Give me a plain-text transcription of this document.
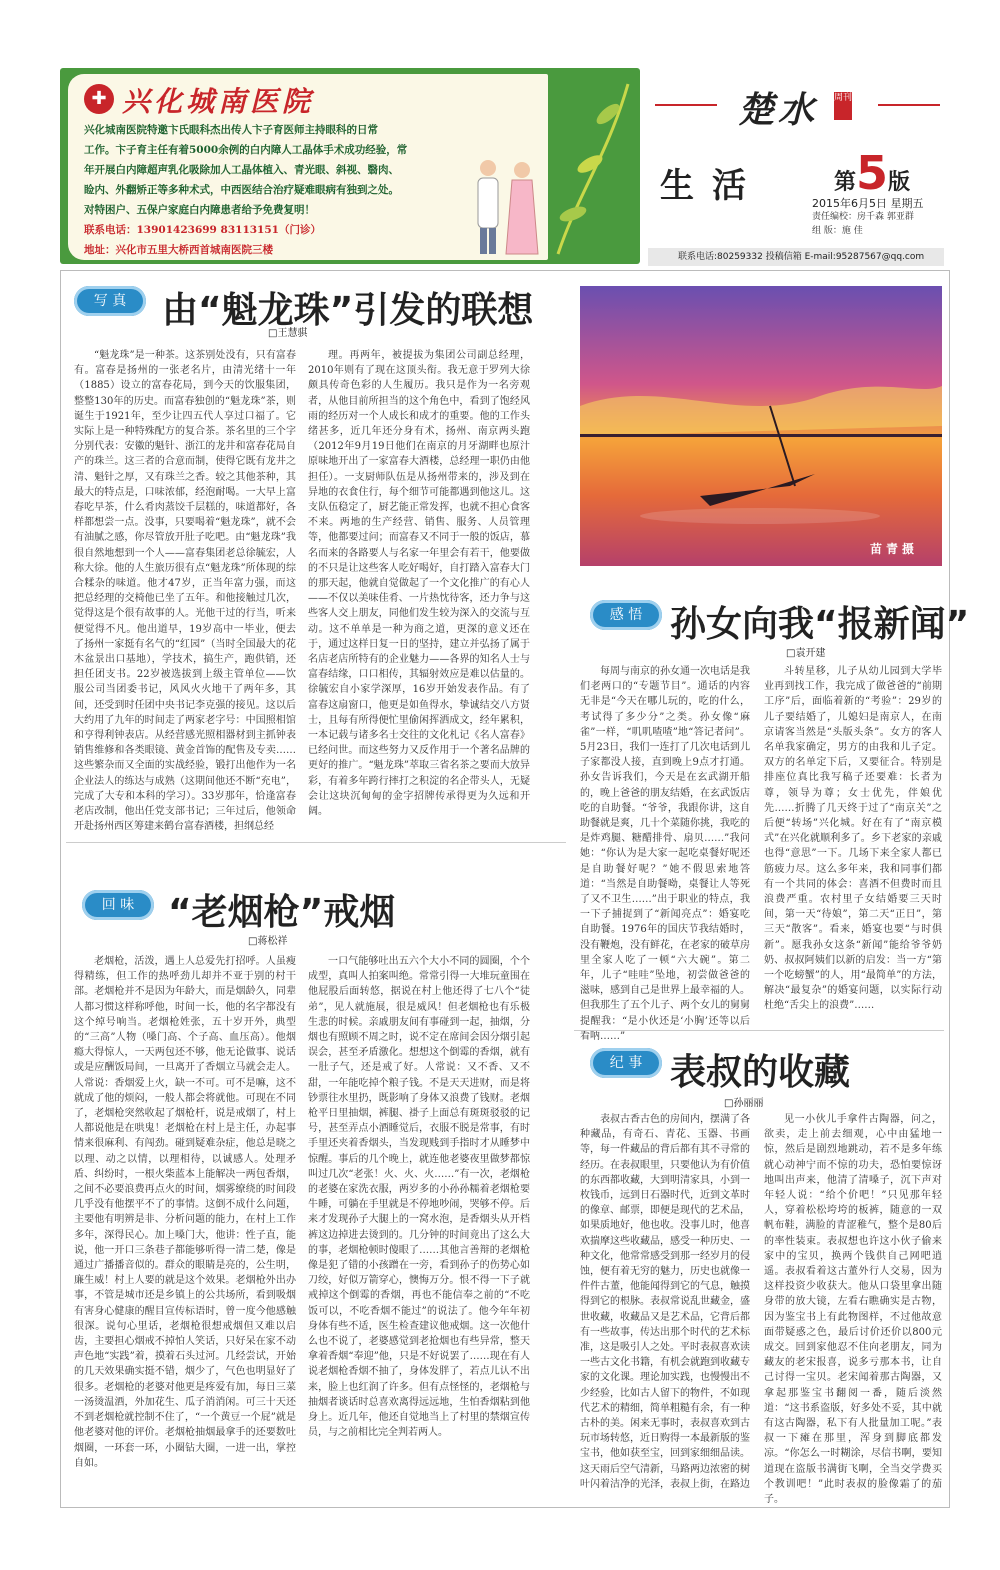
✚ 兴化城南医院
兴化城南医院特邀卞氏眼科杰出传人卞子育医师主持眼科的日常
工作。卞子育主任有着5000余例的白内障人工晶体手术成功经验，常
年开展白内障超声乳化吸除加人工晶体植入、青光眼、斜视、翳肉、
睑内、外翻矫正等多种术式，中西医结合治疗疑难眼病有独到之处。
对特困户、五保户家庭白内障患者给予免费复明！
联系电话：13901423699 83113151（门诊）
地址：兴化市五里大桥西首城南医院三楼
楚水 周刊
生活	第5版
2015年6月5日 星期五
责任编校：房千森 郭亚群
组 版：施 佳
联系电话:80259332 投稿信箱 E-mail:95287567@qq.com
写 真 由“魁龙珠”引发的联想
□王慧骐
“魁龙珠”是一种茶。这茶别处没有，只有富春有。富春是扬州的一张老名片，由清光绪十一年（1885）设立的富春花局，到今天的饮服集团，整整130年的历史。而富春独创的“魁龙珠”茶，则诞生于1921年，至少让四五代人享过口福了。它实际上是一种特殊配方的复合茶。茶名里的三个字分别代表：安徽的魁针、浙江的龙井和富春花局自产的珠兰。这三者的合意而制，使得它既有龙井之清、魁针之厚，又有珠兰之香。较之其他茶种，其最大的特点是，口味浓郁，经泡耐喝。一大早上富春吃早茶，什么肴肉蒸饺千层糕的，味道都好，各样都想尝一点。没事，只要喝着“魁龙珠”，就不会有油腻之感，你尽管放开肚子吃吧。由“魁龙珠”我很自然地想到一个人——富春集团老总徐毓宏，人称大徐。他的人生旅历很有点“魁龙珠”所体现的综合糅杂的味道。他才47岁，正当年富力强，而这把总经理的交椅他已坐了五年。和他接触过几次，觉得这是个很有故事的人。光他干过的行当，听来便觉得不凡。他出道早，19岁高中一毕业，便去了扬州一家挺有名气的“红园”（当时全国最大的花木盆景出口基地），学技术，搞生产，跑供销，还担任团支书。22岁被选拔到上级主管单位——饮服公司当团委书记，风风火火地干了两年多，其间，还受到时任团中央书记李克强的接见。这以后大约用了九年的时间走了两家老字号：中国照相馆和亨得利钟表店。从经营感光照相器材到主抓钟表销售维修和各类眼镜、黄金首饰的配售及专卖……这些繁杂而又全面的实战经验，锻打出他作为一名企业法人的练达与成熟（这期间他还不断“充电”，完成了大专和本科的学习）。33岁那年，恰逢富春老店改制，他出任党支部书记；三年过后，他领命开赴扬州西区筹建来鹤台富春酒楼，担纲总经
理。再两年，被提拔为集团公司副总经理，2010年则有了现在这顶头衔。我无意于罗列大徐颇具传奇色彩的人生履历。我只是作为一名旁观者，从他目前所担当的这个角色中，看到了饱经风雨的经历对一个人成长和成才的重要。他的工作头绪甚多，近几年还分身有术，扬州、南京两头跑（2012年9月19日他们在南京的月牙湖畔也原汁原味地开出了一家富春大酒楼，总经理一职仍由他担任）。一支厨师队伍是从扬州带来的，涉及到在异地的衣食住行，每个细节可能都遇到他这儿。这支队伍稳定了，厨艺能正常发挥，也就不担心食客不来。两地的生产经营、销售、服务、人员管理等，他都要过问；而富春又不同于一般的饭店，慕名而来的各路要人与名家一年里会有若干，他要做的不只是让这些客人吃好喝好，自打踏入富春大门的那天起，他就自觉做起了一个文化推广的有心人——不仅以美味佳肴、一片热忱待客，还力争与这些客人交上朋友，同他们发生较为深入的交流与互动。这不单单是一种为商之道，更深的意义还在于，通过这样日复一日的坚持，建立并弘扬了属于名店老店所特有的企业魅力——各界的知名人士与富春结缘，口口相传，其辐射效应是难以估量的。徐毓宏自小家学深厚，16岁开始发表作品。有了富春这扇窗口，他更是如鱼得水，挚诚结交八方贤士，且每有所得便忙里偷闲挥洒成文，经年累积，一本记载与诸多名士交往的文化札记《名人富春》已经问世。而这些努力又反作用于一个著名品牌的更好的推广。“魁龙珠”萃取三省名茶之要而大放异彩，有着多年跨行摔打之积淀的名企带头人，无疑会让这块沉甸甸的金字招牌传承得更为久远和开阔。
回 味 “老烟枪”戒烟
□蒋松祥
老烟枪，活泼，遇上人总爱先打招呼。人虽瘦得精练，但工作的热呼劲儿却并不亚于别的村干部。老烟枪并不是因为年龄大，而是烟龄久，同辈人都习惯这样称呼他，时间一长，他的名字都没有这个绰号响当。老烟枪姓张，五十岁开外，典型的“三高”人物（嗓门高、个子高、血压高）。他烟瘾大得惊人，一天两包还不够，他无论做事、说话或是应酬饭局间，一旦离开了香烟立马就会走人。人常说：香烟爱上火，缺一不可。可不是嘛，这不就成了他的烦闷，一般人都会将就他。可现在不同了，老烟枪突然收起了烟枪杆，说是戒烟了，村上人都说他是在哄鬼！老烟枪在村上是主任，办起事情来很麻利、有闯劲。碰到疑难杂症，他总是晓之以理、动之以情，以理相待，以诚感人。处理矛盾、纠纷时，一根火柴蓝本上能解决一两包香烟，之间不必要浪费再点火的时间，烟雾缭绕的时间段几乎没有他摆平不了的事情。这倒不成什么问题，主要他有明辨是非、分析问题的能力，在村上工作多年，深得民心。加上嗓门大，他讲：性子直，能说，他一开口三条巷子都能够听得一清二楚，像是通过广播播音似的。群众的眼睛是亮的，公生明，廉生威！村上人要的就是这个效果。老烟枪外出办事，不管是城市还是乡镇上的公共场所，看到吸烟有害身心健康的醒目宣传标语时，曾一度今他感触很深。说句心里话，老烟枪很想戒烟但又难以启齿，主要担心烟戒不掉怕人笑话，只好呆在家不动声色地“实践”着，摸着石头过河。几经尝试，开始的几天效果确实挺不错，烟少了，气色也明显好了很多。老烟枪的老婆对他更是疼爱有加，每日三菜一汤烫温酒，外加花生、瓜子消消闲。可三十天还不到老烟枪就控制不住了，“一个黄豆一个屁”就是他老婆对他的评价。老烟枪抽烟最拿手的还要数吐烟圈，一环套一环，小圈钻大圈，一进一出，掌控自如。
一口气能够吐出五六个大小不同的圆圈，个个成型，真叫人拍案叫绝。常常引得一大堆玩童围在他屁股后面转悠，据说在村上他还得了七八个“徒弟”，见人就施展，很是威风！但老烟枪也有乐极生悲的时候。亲戚朋友间有事碰到一起，抽烟，分烟也有照顾不周之时，说不定在席间会因分烟引起误会，甚至矛盾激化。想想这个倒霉的香烟，就有一肚子气，还是戒了好。人常说：又不香、又不甜，一年能吃掉个粮子钱。不是天天进财，而是将钞票往水里扔，既影响了身体又浪费了钱财。老烟枪平日里抽烟，裤腿、褂子上面总有斑斑驳驳的记号，甚至弄点小酒睡觉后，衣服不脱是常事，有时手里还夹着香烟头，当发现贱到手指时才从睡梦中惊醒。事后的几个晚上，就连他老婆夜里做梦都惊叫过几次“老张！火、火、火……”有一次，老烟枪的老婆在家洗衣服，两岁多的小孙孙糯着老烟枪要牛睡，可躺在手里就是不停地吵闹，哭够不停。后来才发现孙子大腿上的一窝水泡，是香烟头从开档裤这边掉进去烫到的。几分钟的时间竟出了这么大的事，老烟枪顿时傻眼了……其他言善辩的老烟枪像是犯了错的小孩蹭在一旁，看到孙子的伤势心如刀绞，好似万箭穿心，懊悔万分。恨不得一下子就戒掉这个倒霉的香烟，再也不能信奉之前的“不吃饭可以，不吃香烟不能过”的说法了。他今年年初身体有些不适，医生检查建议他戒烟。这一次他什么也不说了，老婆感觉到老抢烟也有些异常，整天拿着香烟“奉迎”他，只是不好说罢了……现在有人说老烟枪香烟不抽了，身体发胖了，若点儿认不出来，脸上也红润了许多。但有点怪怪的，老烟枪与抽烟者谈话时总喜欢离得远远地，生怕香烟粘到他身上。近几年，他还自觉地当上了村里的禁烟宣传员，与之前相比完全判若两人。
苗青摄
感 悟 孙女向我“报新闻”
□袁开建
每周与南京的孙女通一次电话是我们老两口的“专题节目”。通话的内容无非是“今天在哪儿玩的，吃的什么，考试得了多少分”之类。孙女像“麻雀”一样，“叽叽喳喳”地“答记者问”。5月23日，我们一连打了几次电话到儿子家都没人接，直到晚上9点才打通。孙女告诉我们，今天是在玄武湖开船的，晚上爸爸的朋友结婚，在玄武饭店吃的自助餐。“爷爷，我跟你讲，这自助餐就是爽，几十个菜随你挑，我吃的是炸鸡腿、糖醋排骨、扇贝……”我问她：“你认为是大家一起吃桌餐好呢还是自助餐好呢？”她不假思索地答道：“当然是自助餐呦，桌餐让人等死了又不卫生……”出于职业的特点，我一下子捕捉到了“新闻亮点”：婚宴吃自助餐。1976年的国庆节我结婚时，没有鞭炮，没有鲜花，在老家的破草房里全家人吃了一顿“六大碗”。第二年，儿子“哇哇”坠地，初尝做爸爸的滋味，感到自己是世界上最幸福的人。但我那生了五个儿子、两个女儿的舅舅提醒我：“是小伙还是‘小胸’还等以后看呐……”
斗转星移，儿子从幼儿园到大学毕业再到找工作，我完成了做爸爸的“前期工序”后，面临着新的“考验”：29岁的儿子要结婚了，儿媳妇是南京人，在南京请客当然是“头版头条”。女方的客人名单我家确定，男方的由我和儿子定。双方的名单定下后，又要征合。特别是排座位真比我写稿子还要难：长者为尊，领导为尊；女士优先，伴娘优先……折腾了几天终于过了“南京关”之后便“转场”兴化城。好在有了“南京模式”在兴化就顺利多了。乡下老家的亲戚也得“意思”一下。几场下来全家人都已筋疲力尽。这么多年来，我和同事们都有一个共同的体会：喜酒不但费时而且浪费严重。农村里子女结婚要三天时间，第一天“待娘”，第二天“正日”，第三天“散客”。看来，婚宴也要“与时俱新”。愿我孙女这条“新闻”能给爷爷奶奶、叔叔阿姨们以新的启发：当一方“第一个吃螃蟹”的人，用“最简单”的方法，解决“最复杂”的婚宴问题，以实际行动杜绝“舌尖上的浪费”……
纪 事 表叔的收藏
□孙丽丽
表叔古香古色的房间内，摆满了各种藏品，有奇石、青花、玉器、书画等，每一件藏品的背后都有其不寻常的经历。在表叔眼里，只要他认为有价值的东西都收藏，大到明清家具，小到一枚钱币，远到日石器时代，近到文革时的像章、邮票，即便是现代的艺术品，如果质地好，他也收。没事儿时，他喜欢揣摩这些收藏品，感受一种历史、一种文化，他常常感受到那一经岁月的侵蚀，便有着无穷的魅力，历史也就像一件件古董，他能闻得到它的气息，触摸得到它的根脉。表叔常说乱世藏金，盛世收藏，收藏品又是艺术品，它背后都有一些故事，传达出那个时代的艺术标准，这是吸引人之处。平时表叔喜欢读一些古文化书籍，有机会就跑到收藏专家的文化课。理论加实践，也慢慢出不少经验，比如古人留下的物件，不如现代艺术的精细，简单粗糙有余，有一种古朴的美。闲来无事时，表叔喜欢到古玩市场转悠，近日购得一本最新版的鉴宝书，他如获至宝，回到家细细品读。这天雨后空气清新，马路两边浓密的树叶闪着洁净的光泽，表叔上街，在路边
见一小伙儿手拿件古陶器，问之，欲卖，走上前去细观，心中由猛地一惊，然后是剧烈地跳动，若不是多年练就心动神宁而不惊的功夫，恐怕要惊讶地叫出声来，他清了清嗓子，沉下声对年轻人说：“给个价吧！”只见那年轻人，穿着松松垮垮的板裤，随意的一双帆布鞋，满脸的青涩稚气，整个是80后的率性装束。表叔想也许这小伙子偷来家中的宝贝，换两个钱供自己网吧逍遥。表叔看着这古董外行人交易，因为这样投资少收获大。他从口袋里拿出随身带的放大镜，左看右瞧确实是古物，因为鉴宝书上有此物图样，不过他故意面带疑惑之色，最后讨价还价以800元成交。回到家他忍不住向老朋友，同为藏友的老宋报喜，说多亏那本书，让自己讨得一宝贝。老宋闻着那古陶器，又拿起那鉴宝书翻阅一番，随后淡然道：“这书系盗版，好多处不妥，其中就有这古陶器，私下有人批量加工呢。”表叔一下瘫在那里，浑身到脚底都发凉。“你怎么一时糊涂，尽信书啊，要知道现在盗版书满街飞啊，全当交学费买个教训吧！”此时表叔的脸像霜了的茄子。
